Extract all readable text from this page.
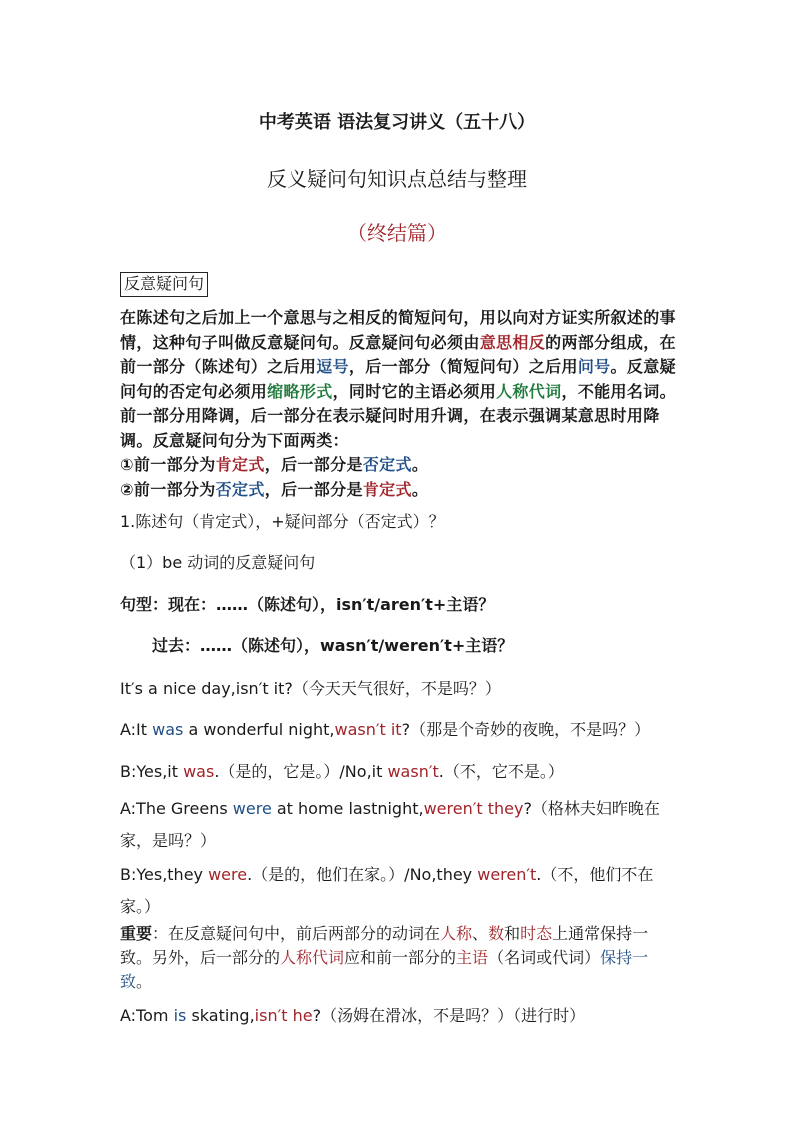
中考英语 语法复习讲义（五十八）
反义疑问句知识点总结与整理
（终结篇）
反意疑问句

在陈述句之后加上一个意思与之相反的简短问句，用以向对方证实所叙述的事情，这种句子叫做反意疑问句。反意疑问句必须由意思相反的两部分组成，在前一部分（陈述句）之后用逗号，后一部分（简短问句）之后用问号。反意疑问句的否定句必须用缩略形式，同时它的主语必须用人称代词，不能用名词。前一部分用降调，后一部分在表示疑问时用升调，在表示强调某意思时用降调。反意疑问句分为下面两类：

①前一部分为肯定式，后一部分是否定式。

②前一部分为否定式，后一部分是肯定式。

1.陈述句（肯定式），+疑问部分（否定式）？

（1）be 动词的反意疑问句

句型：现在：……（陈述句），isn′t/aren′t+主语？

过去：……（陈述句），wasn′t/weren′t+主语？

It′s a nice day,isn′t it?（今天天气很好，不是吗？）

A:It was a wonderful night,wasn′t it?（那是个奇妙的夜晚，不是吗？）

B:Yes,it was.（是的，它是。）/No,it wasn′t.（不，它不是。）

A:The Greens were at home lastnight,weren′t they?（格林夫妇昨晚在家，是吗？）

B:Yes,they were.（是的，他们在家。）/No,they weren′t.（不，他们不在家。）

重要：在反意疑问句中，前后两部分的动词在人称、数和时态上通常保持一致。另外，后一部分的人称代词应和前一部分的主语（名词或代词）保持一致。

A:Tom is skating,isn′t he?（汤姆在滑冰，不是吗？）（进行时）
